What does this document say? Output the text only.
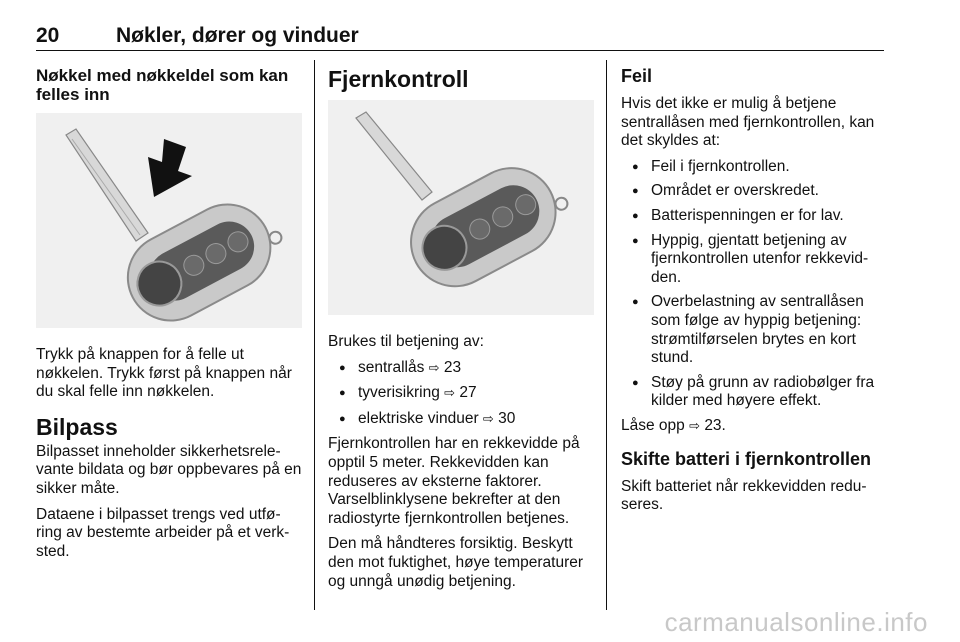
20	Nøkler, dører og vinduer
Nøkkel med nøkkeldel som kan
felles inn

Trykk på knappen for å felle ut nøkkelen. Trykk først på knappen når du skal felle inn nøkkelen.

Bilpass

Bilpasset inneholder sikkerhetsrele-vante bildata og bør oppbevares på en sikker måte.

Dataene i bilpasset trengs ved utfø-ring av bestemte arbeider på et verk-sted.

Fjernkontroll

Brukes til betjening av:

● sentrallås ⇨ 23
● tyverisikring ⇨ 27
● elektriske vinduer ⇨ 30

Fjernkontrollen har en rekkevidde på opptil 5 meter. Rekkevidden kan reduseres av eksterne faktorer. Varselblinklysene bekrefter at den radiostyrte fjernkontrollen betjenes.

Den må håndteres forsiktig. Beskytt den mot fuktighet, høye temperaturer og unngå unødig betjening.

Feil

Hvis det ikke er mulig å betjene sentrallåsen med fjernkontrollen, kan det skyldes at:

● Feil i fjernkontrollen.
● Området er overskredet.
● Batterispenningen er for lav.
● Hyppig, gjentatt betjening av fjernkontrollen utenfor rekkevid-den.
● Overbelastning av sentrallåsen som følge av hyppig betjening: strømtilførselen brytes en kort stund.
● Støy på grunn av radiobølger fra kilder med høyere effekt.

Låse opp ⇨ 23.

Skifte batteri i fjernkontrollen

Skift batteriet når rekkevidden redu-seres.

carmanualsonline.info
